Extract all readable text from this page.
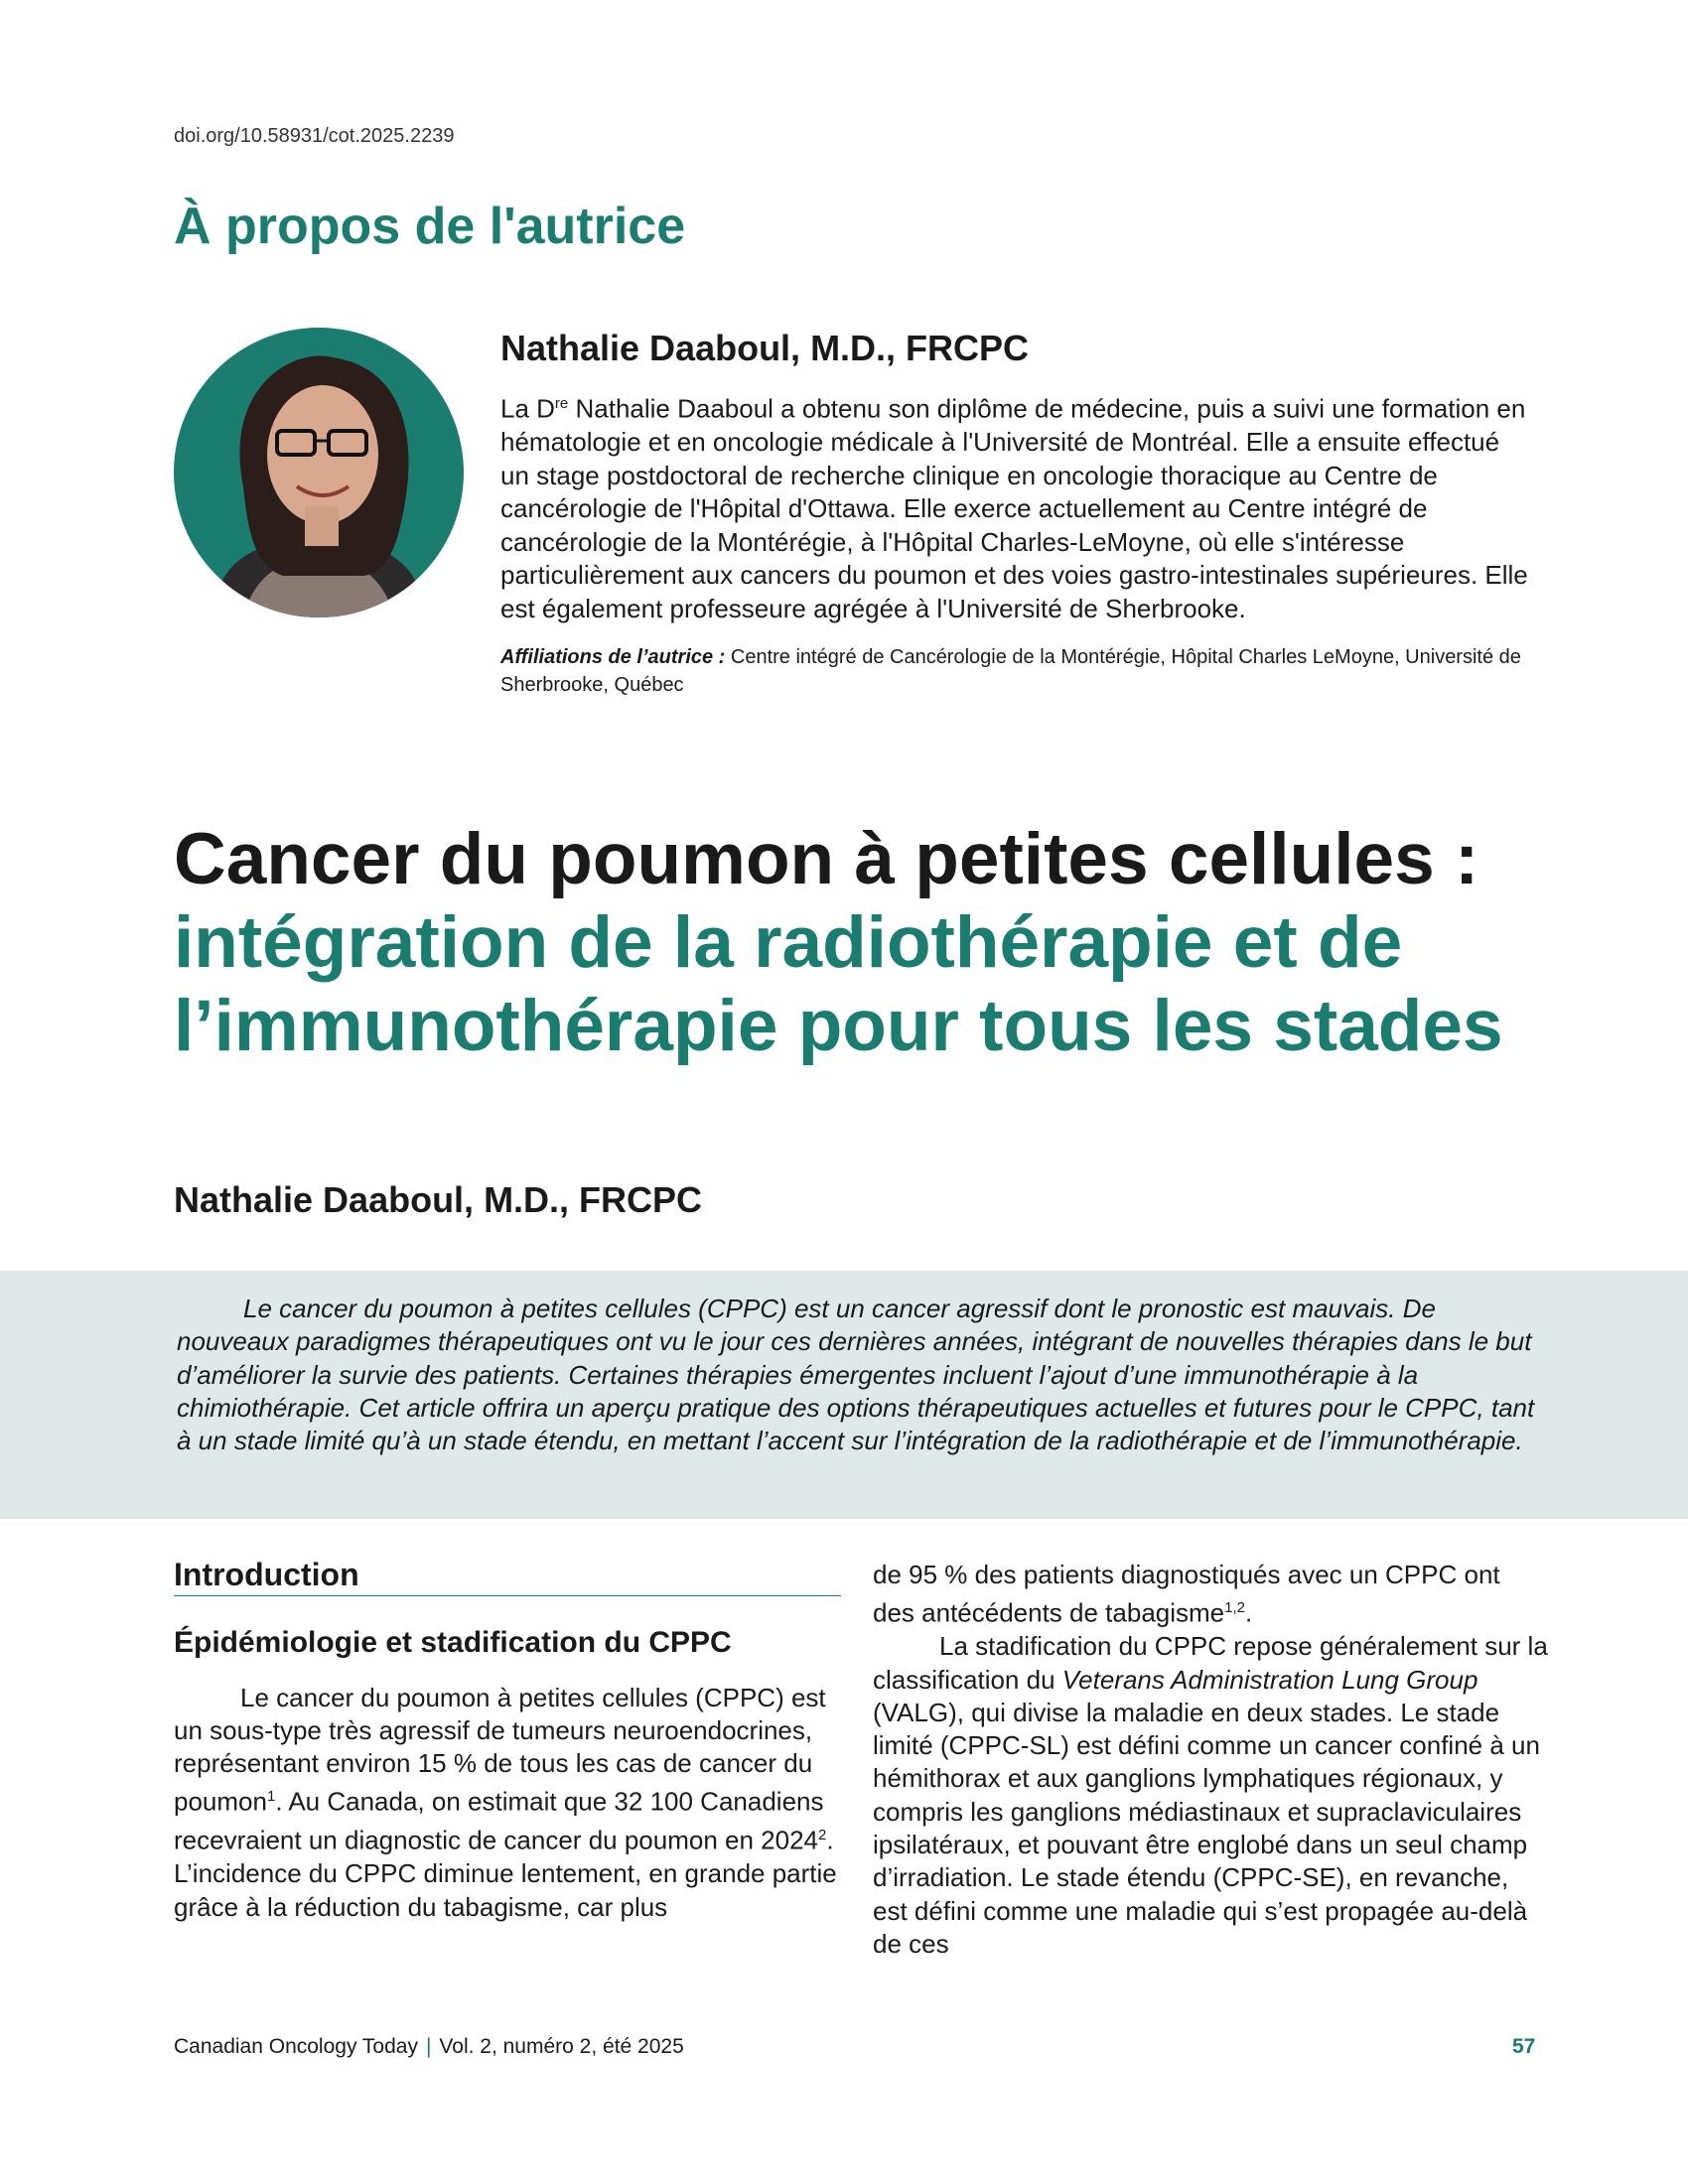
doi.org/10.58931/cot.2025.2239
À propos de l'autrice
Nathalie Daaboul, M.D., FRCPC

La Dre Nathalie Daaboul a obtenu son diplôme de médecine, puis a suivi une formation en hématologie et en oncologie médicale à l'Université de Montréal. Elle a ensuite effectué un stage postdoctoral de recherche clinique en oncologie thoracique au Centre de cancérologie de l'Hôpital d'Ottawa. Elle exerce actuellement au Centre intégré de cancérologie de la Montérégie, à l'Hôpital Charles-LeMoyne, où elle s'intéresse particulièrement aux cancers du poumon et des voies gastro-intestinales supérieures. Elle est également professeure agrégée à l'Université de Sherbrooke.

Affiliations de l’autrice : Centre intégré de Cancérologie de la Montérégie, Hôpital Charles LeMoyne, Université de Sherbrooke, Québec

Cancer du poumon à petites cellules : intégration de la radiothérapie et de l’immunothérapie pour tous les stades
Nathalie Daaboul, M.D., FRCPC

Le cancer du poumon à petites cellules (CPPC) est un cancer agressif dont le pronostic est mauvais. De nouveaux paradigmes thérapeutiques ont vu le jour ces dernières années, intégrant de nouvelles thérapies dans le but d’améliorer la survie des patients. Certaines thérapies émergentes incluent l’ajout d’une immunothérapie à la chimiothérapie. Cet article offrira un aperçu pratique des options thérapeutiques actuelles et futures pour le CPPC, tant à un stade limité qu’à un stade étendu, en mettant l’accent sur l’intégration de la radiothérapie et de l’immunothérapie.

Introduction
Épidémiologie et stadification du CPPC

Le cancer du poumon à petites cellules (CPPC) est un sous-type très agressif de tumeurs neuroendocrines, représentant environ 15 % de tous les cas de cancer du poumon$^1$. Au Canada, on estimait que 32 100 Canadiens recevraient un diagnostic de cancer du poumon en 2024$^2$. L’incidence du CPPC diminue lentement, en grande partie grâce à la réduction du tabagisme, car plus

de 95 % des patients diagnostiqués avec un CPPC ont des antécédents de tabagisme$^{1,2}$.

La stadification du CPPC repose généralement sur la classification du Veterans Administration Lung Group (VALG), qui divise la maladie en deux stades. Le stade limité (CPPC-SL) est défini comme un cancer confiné à un hémithorax et aux ganglions lymphatiques régionaux, y compris les ganglions médiastinaux et supraclaviculaires ipsilatéraux, et pouvant être englobé dans un seul champ d’irradiation. Le stade étendu (CPPC-SE), en revanche, est défini comme une maladie qui s’est propagée au-delà de ces

Canadian Oncology Today | Vol. 2, numéro 2, été 2025	57
